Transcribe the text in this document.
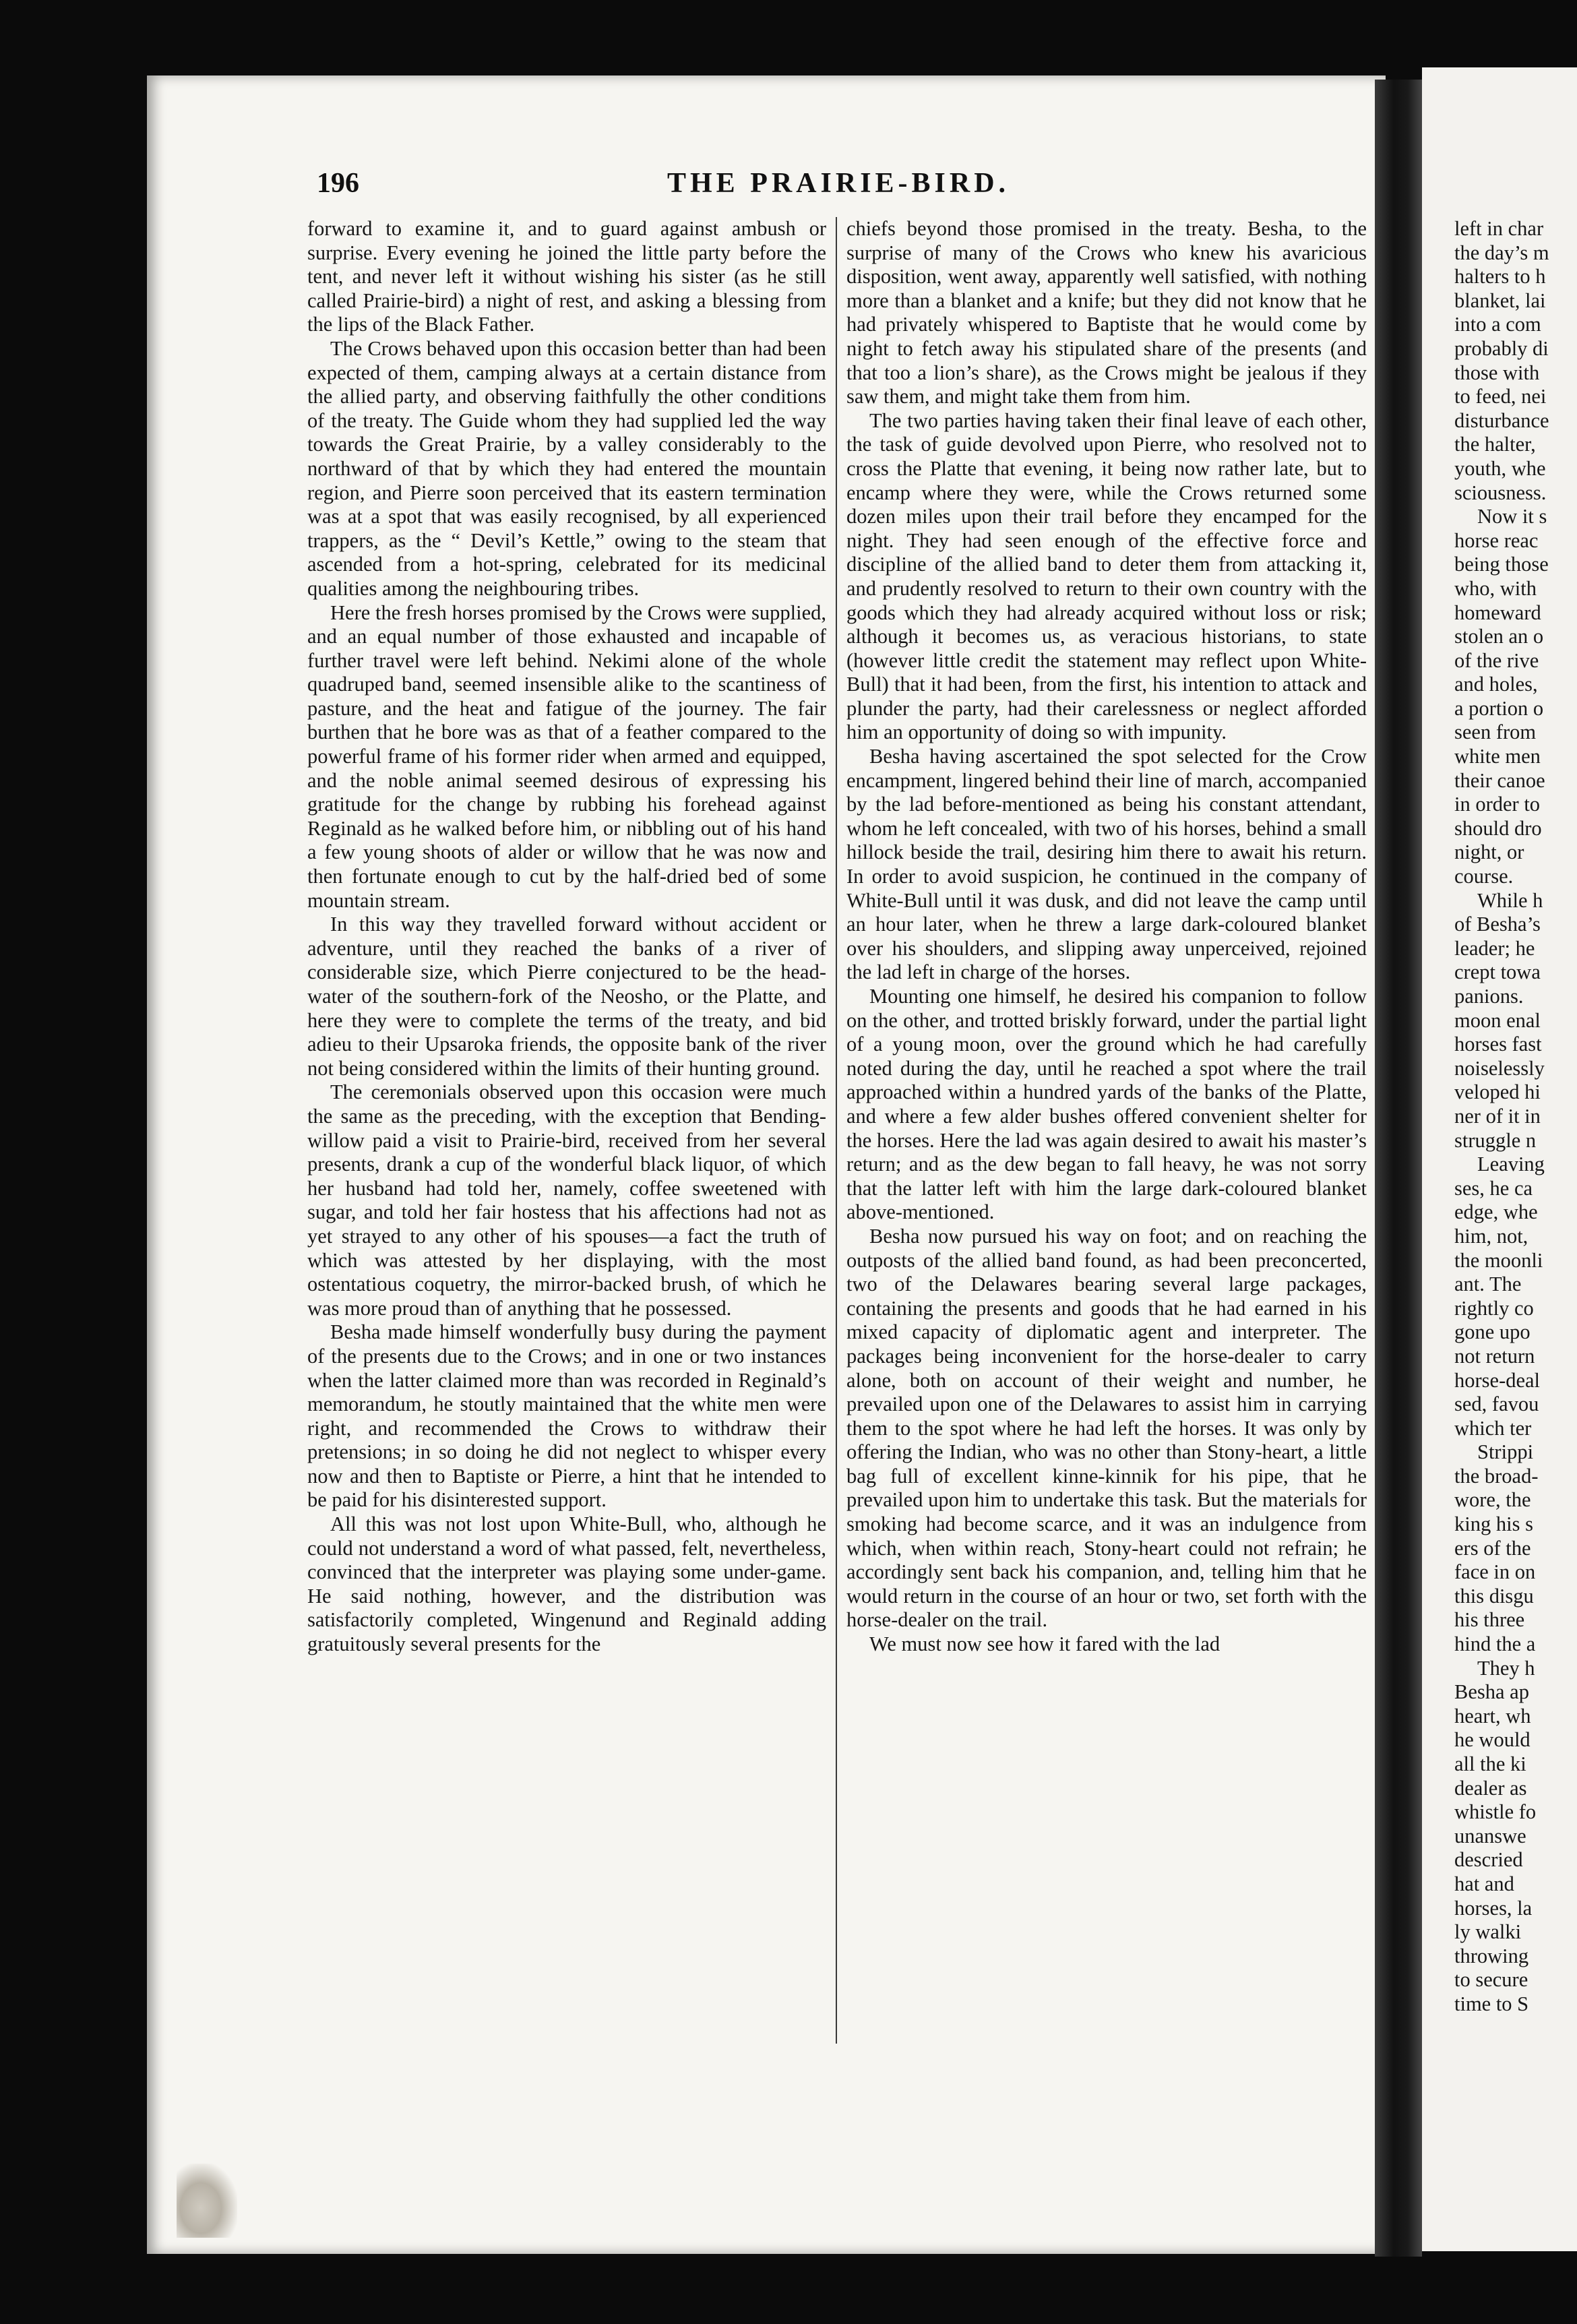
left in char
the day’s m
halters to h
blanket, lai
into a com
probably di
those with
to feed, nei
disturbance
the halter,
youth, whe
sciousness.
Now it s
horse reac
being those
who, with
homeward
stolen an o
of the rive
and holes,
a portion o
seen from
white men
their canoe
in order to
should dro
night, or
course.
While h
of Besha’s
leader; he
crept towa
panions.
moon enal
horses fast
noiselessly
veloped hi
ner of it in
struggle n
Leaving
ses, he ca
edge, whe
him, not,
the moonli
ant. The
rightly co
gone upo
not return
horse-deal
sed, favou
which ter
Strippi
the broad-
wore, the
king his s
ers of the
face in on
this disgu
his three
hind the a
They h
Besha ap
heart, wh
he would
all the ki
dealer as
whistle fo
unanswe
descried
hat and
horses, la
ly walki
throwing
to secure
time to S
196	THE PRAIRIE-BIRD.

forward to examine it, and to guard against ambush or surprise. Every evening he joined the little party before the tent, and never left it without wishing his sister (as he still called Prairie-bird) a night of rest, and asking a blessing from the lips of the Black Father.

The Crows behaved upon this occasion better than had been expected of them, camping always at a certain distance from the allied party, and observing faithfully the other conditions of the treaty. The Guide whom they had supplied led the way towards the Great Prairie, by a valley considerably to the northward of that by which they had entered the mountain region, and Pierre soon perceived that its eastern termination was at a spot that was easily recognised, by all experienced trappers, as the “ Devil’s Kettle,” owing to the steam that ascended from a hot-spring, celebrated for its medicinal qualities among the neighbouring tribes.

Here the fresh horses promised by the Crows were supplied, and an equal number of those exhausted and incapable of further travel were left behind. Nekimi alone of the whole quadruped band, seemed insensible alike to the scantiness of pasture, and the heat and fatigue of the journey. The fair burthen that he bore was as that of a feather compared to the powerful frame of his former rider when armed and equipped, and the noble animal seemed desirous of expressing his gratitude for the change by rubbing his forehead against Reginald as he walked before him, or nibbling out of his hand a few young shoots of alder or willow that he was now and then fortunate enough to cut by the half-dried bed of some mountain stream.

In this way they travelled forward without accident or adventure, until they reached the banks of a river of considerable size, which Pierre conjectured to be the head-water of the southern-fork of the Neosho, or the Platte, and here they were to complete the terms of the treaty, and bid adieu to their Upsaroka friends, the opposite bank of the river not being considered within the limits of their hunting ground.

The ceremonials observed upon this occasion were much the same as the preceding, with the exception that Bending-willow paid a visit to Prairie-bird, received from her several presents, drank a cup of the wonderful black liquor, of which her husband had told her, namely, coffee sweetened with sugar, and told her fair hostess that his affections had not as yet strayed to any other of his spouses—a fact the truth of which was attested by her displaying, with the most ostentatious coquetry, the mirror-backed brush, of which he was more proud than of anything that he possessed.

Besha made himself wonderfully busy during the payment of the presents due to the Crows; and in one or two instances when the latter claimed more than was recorded in Reginald’s memorandum, he stoutly maintained that the white men were right, and recommended the Crows to withdraw their pretensions; in so doing he did not neglect to whisper every now and then to Baptiste or Pierre, a hint that he intended to be paid for his disinterested support.

All this was not lost upon White-Bull, who, although he could not understand a word of what passed, felt, nevertheless, convinced that the interpreter was playing some under-game. He said nothing, however, and the distribution was satisfactorily completed, Wingenund and Reginald adding gratuitously several presents for the

chiefs beyond those promised in the treaty. Besha, to the surprise of many of the Crows who knew his avaricious disposition, went away, apparently well satisfied, with nothing more than a blanket and a knife; but they did not know that he had privately whispered to Baptiste that he would come by night to fetch away his stipulated share of the presents (and that too a lion’s share), as the Crows might be jealous if they saw them, and might take them from him.

The two parties having taken their final leave of each other, the task of guide devolved upon Pierre, who resolved not to cross the Platte that evening, it being now rather late, but to encamp where they were, while the Crows returned some dozen miles upon their trail before they encamped for the night. They had seen enough of the effective force and discipline of the allied band to deter them from attacking it, and prudently resolved to return to their own country with the goods which they had already acquired without loss or risk; although it becomes us, as veracious historians, to state (however little credit the statement may reflect upon White-Bull) that it had been, from the first, his intention to attack and plunder the party, had their carelessness or neglect afforded him an opportunity of doing so with impunity.

Besha having ascertained the spot selected for the Crow encampment, lingered behind their line of march, accompanied by the lad before-mentioned as being his constant attendant, whom he left concealed, with two of his horses, behind a small hillock beside the trail, desiring him there to await his return. In order to avoid suspicion, he continued in the company of White-Bull until it was dusk, and did not leave the camp until an hour later, when he threw a large dark-coloured blanket over his shoulders, and slipping away unperceived, rejoined the lad left in charge of the horses.

Mounting one himself, he desired his companion to follow on the other, and trotted briskly forward, under the partial light of a young moon, over the ground which he had carefully noted during the day, until he reached a spot where the trail approached within a hundred yards of the banks of the Platte, and where a few alder bushes offered convenient shelter for the horses. Here the lad was again desired to await his master’s return; and as the dew began to fall heavy, he was not sorry that the latter left with him the large dark-coloured blanket above-mentioned.

Besha now pursued his way on foot; and on reaching the outposts of the allied band found, as had been preconcerted, two of the Delawares bearing several large packages, containing the presents and goods that he had earned in his mixed capacity of diplomatic agent and interpreter. The packages being inconvenient for the horse-dealer to carry alone, both on account of their weight and number, he prevailed upon one of the Delawares to assist him in carrying them to the spot where he had left the horses. It was only by offering the Indian, who was no other than Stony-heart, a little bag full of excellent kinne-kinnik for his pipe, that he prevailed upon him to undertake this task. But the materials for smoking had become scarce, and it was an indulgence from which, when within reach, Stony-heart could not refrain; he accordingly sent back his companion, and, telling him that he would return in the course of an hour or two, set forth with the horse-dealer on the trail.

We must now see how it fared with the lad
